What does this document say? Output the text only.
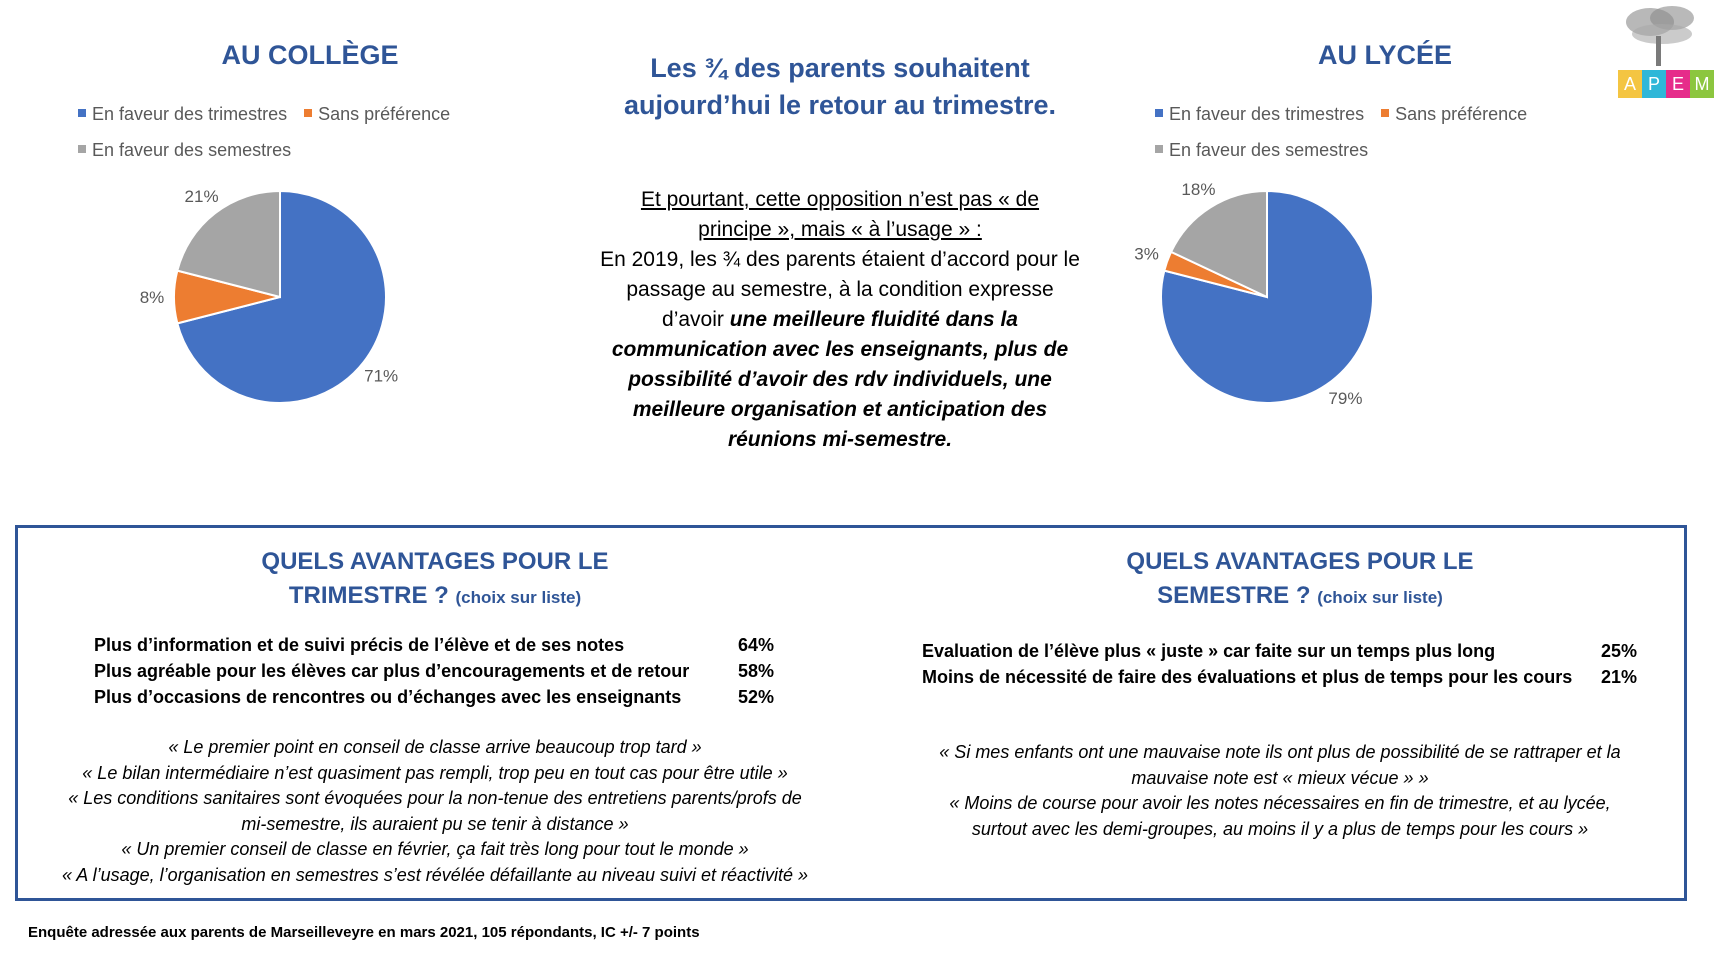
AU COLLÈGE
En faveur des trimestres Sans préférence
En faveur des semestres
71%
8%
21%
AU LYCÉE
En faveur des trimestres Sans préférence
En faveur des semestres
79%
3%
18%
A P E M
Les ¾ des parents souhaitent
aujourd’hui le retour au trimestre.
Et pourtant, cette opposition n’est pas « de
principe », mais « à l’usage » :
En 2019, les ¾ des parents étaient d’accord pour le
passage au semestre, à la condition expresse
d’avoir une meilleure fluidité dans la
communication avec les enseignants, plus de
possibilité d’avoir des rdv individuels, une
meilleure organisation et anticipation des
réunions mi-semestre.
QUELS AVANTAGES POUR LE
TRIMESTRE ? (choix sur liste)
Plus d’information et de suivi précis de l’élève et de ses notes	64%
Plus agréable pour les élèves car plus d’encouragements et de retour	58%
Plus d’occasions de rencontres ou d’échanges avec les enseignants	52%
« Le premier point en conseil de classe arrive beaucoup trop tard »
« Le bilan intermédiaire n’est quasiment pas rempli, trop peu en tout cas pour être utile »
« Les conditions sanitaires sont évoquées pour la non-tenue des entretiens parents/profs de
mi-semestre, ils auraient pu se tenir à distance »
« Un premier conseil de classe en février, ça fait très long pour tout le monde »
« A l’usage, l’organisation en semestres s’est révélée défaillante au niveau suivi et réactivité »
QUELS AVANTAGES POUR LE
SEMESTRE ? (choix sur liste)
Evaluation de l’élève plus « juste » car faite sur un temps plus long	25%
Moins de nécessité de faire des évaluations et plus de temps pour les cours 21%
« Si mes enfants ont une mauvaise note ils ont plus de possibilité de se rattraper et la
mauvaise note est « mieux vécue » »
« Moins de course pour avoir les notes nécessaires en fin de trimestre, et au lycée,
surtout avec les demi-groupes, au moins il y a plus de temps pour les cours »
Enquête adressée aux parents de Marseilleveyre en mars 2021, 105 répondants, IC +/- 7 points
